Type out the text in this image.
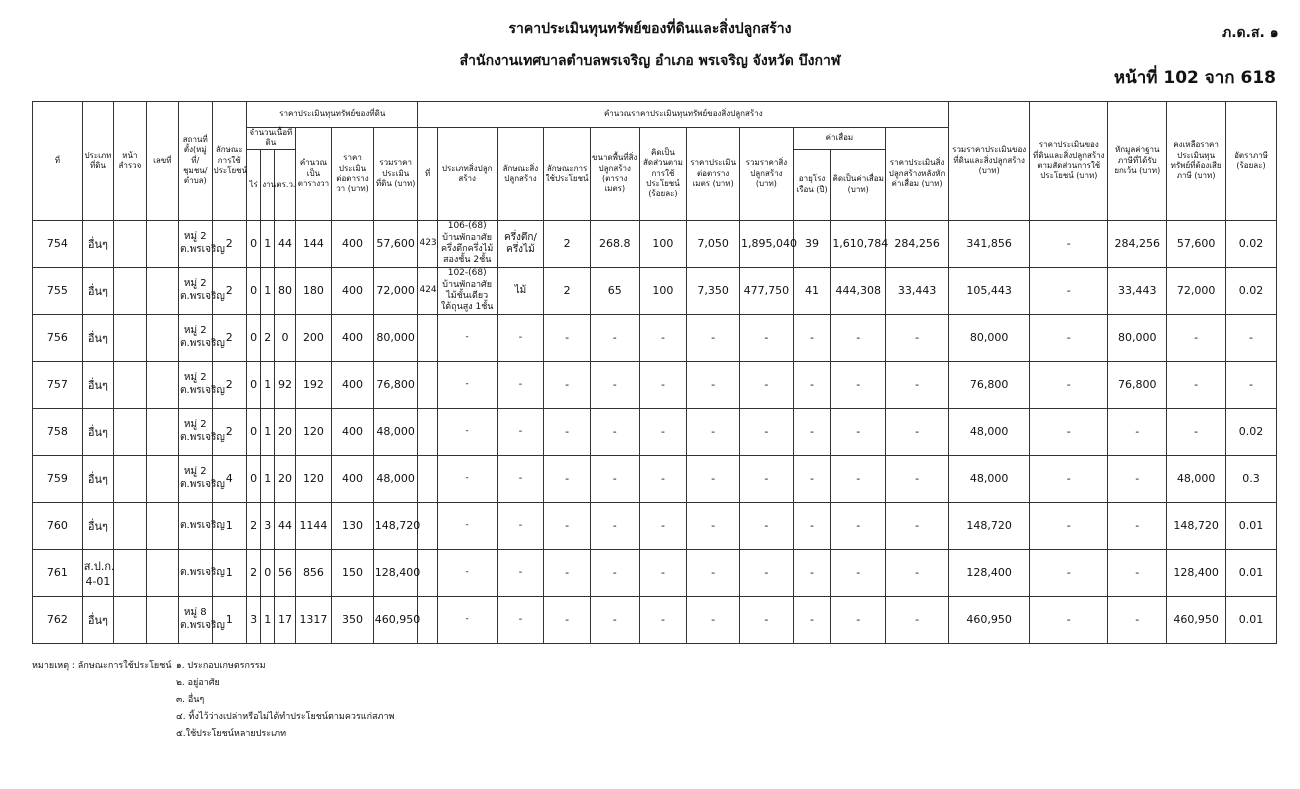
ราคาประเมินทุนทรัพย์ของที่ดินและสิ่งปลูกสร้าง
สำนักงานเทศบาลตำบลพรเจริญ อำเภอ พรเจริญ จังหวัด บึงกาฬ
ภ.ด.ส. ๑
หน้าที่ 102 จาก 618
ที่	ประเภทที่ดิน	หน้าสำรวจ	เลขที่	สถานที่ตั้ง(หมู่ที่/ชุมชน/ตำบล)	ลักษณะการใช้ประโยชน์	ราคาประเมินทุนทรัพย์ของที่ดิน						คำนวณราคาประเมินทุนทรัพย์ของสิ่งปลูกสร้าง											รวมราคาประเมินของที่ดินและสิ่งปลูกสร้าง (บาท)	ราคาประเมินของที่ดินและสิ่งปลูกสร้างตามสัดส่วนการใช้ประโยชน์ (บาท)	หักมูลค่าฐานภาษีที่ได้รับยกเว้น (บาท)	คงเหลือราคาประเมินทุนทรัพย์ที่ต้องเสียภาษี (บาท)	อัตราภาษี (ร้อยละ)
						จำนวนเนื้อที่ดิน			คำนวณเป็นตารางวา	ราคาประเมินต่อตารางวา (บาท)	รวมราคาประเมินที่ดิน (บาท)	ที่	ประเภทสิ่งปลูกสร้าง	ลักษณะสิ่งปลูกสร้าง	ลักษณะการใช้ประโยชน์	ขนาดพื้นที่สิ่งปลูกสร้าง (ตารางเมตร)	คิดเป็นสัดส่วนตามการใช้ประโยชน์ (ร้อยละ)	ราคาประเมินต่อตารางเมตร (บาท)	รวมราคาสิ่งปลูกสร้าง (บาท)	ค่าเสื่อม		ราคาประเมินสิ่งปลูกสร้างหลังหักค่าเสื่อม (บาท)					
						ไร่	งาน	ตร.ว.												อายุโรงเรือน (ปี)	คิดเป็นค่าเสื่อม (บาท)						
754	อื่นๆ			หมู่ 2 ต.พรเจริญ	2	0	1	44	144	400	57,600	423	106-(68) บ้านพักอาศัยครึ่งตึกครึ่งไม้สองชั้น 2ชั้น	ครึ่งตึก/ครึ่งไม้	2	268.8	100	7,050	1,895,040	39	1,610,784	284,256	341,856	-	284,256	57,600	0.02
755	อื่นๆ			หมู่ 2 ต.พรเจริญ	2	0	1	80	180	400	72,000	424	102-(68) บ้านพักอาศัยไม้ชั้นเดียวใต้ถุนสูง 1ชั้น	ไม้	2	65	100	7,350	477,750	41	444,308	33,443	105,443	-	33,443	72,000	0.02
756	อื่นๆ			หมู่ 2 ต.พรเจริญ	2	0	2	0	200	400	80,000		-	-	-	-	-	-	-	-	-	-	80,000	-	80,000	-	-
757	อื่นๆ			หมู่ 2 ต.พรเจริญ	2	0	1	92	192	400	76,800		-	-	-	-	-	-	-	-	-	-	76,800	-	76,800	-	-
758	อื่นๆ			หมู่ 2 ต.พรเจริญ	2	0	1	20	120	400	48,000		-	-	-	-	-	-	-	-	-	-	48,000	-	-	-	0.02
759	อื่นๆ			หมู่ 2 ต.พรเจริญ	4	0	1	20	120	400	48,000		-	-	-	-	-	-	-	-	-	-	48,000	-	-	48,000	0.3
760	อื่นๆ			ต.พรเจริญ	1	2	3	44	1144	130	148,720		-	-	-	-	-	-	-	-	-	-	148,720	-	-	148,720	0.01
761	ส.ป.ก. 4-01			ต.พรเจริญ	1	2	0	56	856	150	128,400		-	-	-	-	-	-	-	-	-	-	128,400	-	-	128,400	0.01
762	อื่นๆ			หมู่ 8 ต.พรเจริญ	1	3	1	17	1317	350	460,950		-	-	-	-	-	-	-	-	-	-	460,950	-	-	460,950	0.01
หมายเหตุ : ลักษณะการใช้ประโยชน์ ๑. ประกอบเกษตรกรรม
๒. อยู่อาศัย
๓. อื่นๆ
๔. ทิ้งไว้ว่างเปล่าหรือไม่ได้ทำประโยชน์ตามควรแก่สภาพ
๕.ใช้ประโยชน์หลายประเภท
